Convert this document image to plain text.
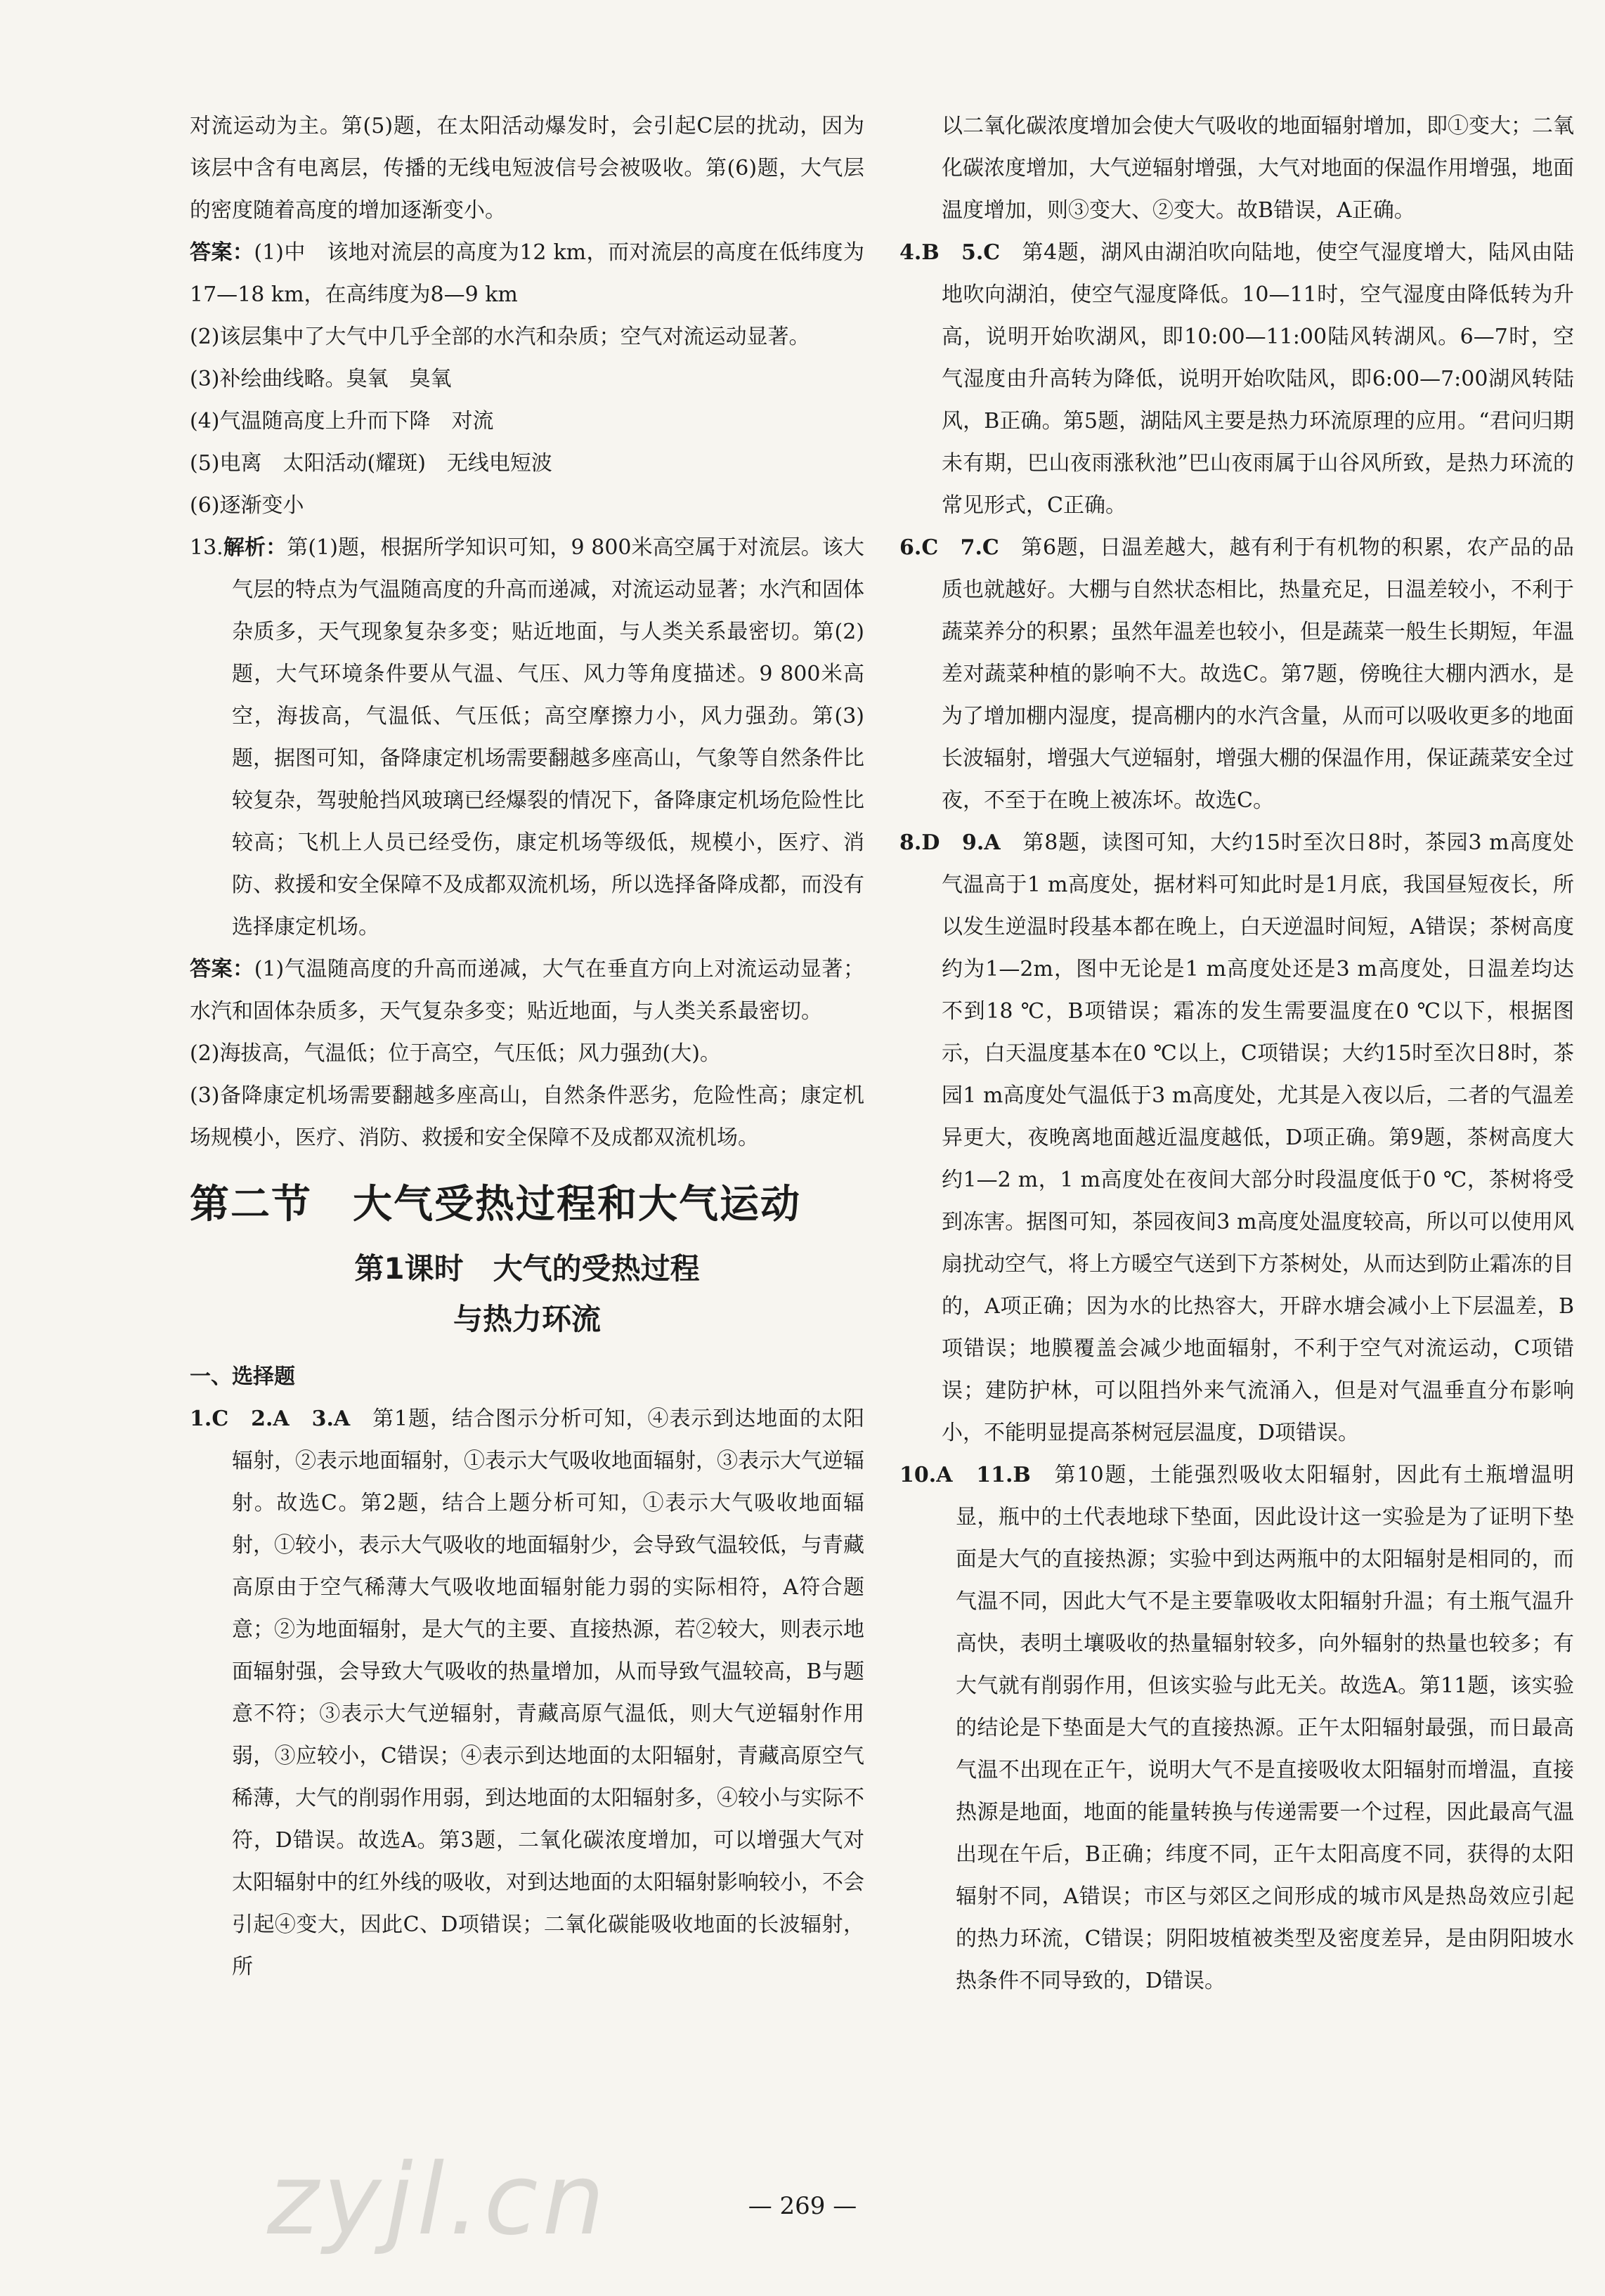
对流运动为主。第(5)题，在太阳活动爆发时，会引起C层的扰动，因为该层中含有电离层，传播的无线电短波信号会被吸收。第(6)题，大气层的密度随着高度的增加逐渐变小。

答案：(1)中　该地对流层的高度为12 km，而对流层的高度在低纬度为17—18 km，在高纬度为8—9 km

(2)该层集中了大气中几乎全部的水汽和杂质；空气对流运动显著。

(3)补绘曲线略。臭氧　臭氧

(4)气温随高度上升而下降　对流

(5)电离　太阳活动(耀斑)　无线电短波

(6)逐渐变小

13.解析：第(1)题，根据所学知识可知，9 800米高空属于对流层。该大气层的特点为气温随高度的升高而递减，对流运动显著；水汽和固体杂质多，天气现象复杂多变；贴近地面，与人类关系最密切。第(2)题，大气环境条件要从气温、气压、风力等角度描述。9 800米高空，海拔高，气温低、气压低；高空摩擦力小，风力强劲。第(3)题，据图可知，备降康定机场需要翻越多座高山，气象等自然条件比较复杂，驾驶舱挡风玻璃已经爆裂的情况下，备降康定机场危险性比较高；飞机上人员已经受伤，康定机场等级低，规模小，医疗、消防、救援和安全保障不及成都双流机场，所以选择备降成都，而没有选择康定机场。

答案：(1)气温随高度的升高而递减，大气在垂直方向上对流运动显著；水汽和固体杂质多，天气复杂多变；贴近地面，与人类关系最密切。

(2)海拔高，气温低；位于高空，气压低；风力强劲(大)。

(3)备降康定机场需要翻越多座高山，自然条件恶劣，危险性高；康定机场规模小，医疗、消防、救援和安全保障不及成都双流机场。

第二节　大气受热过程和大气运动
第1课时　大气的受热过程
与热力环流
一、选择题

1.C　2.A　3.A　 第1题，结合图示分析可知，④表示到达地面的太阳辐射，②表示地面辐射，①表示大气吸收地面辐射，③表示大气逆辐射。故选C。第2题，结合上题分析可知，①表示大气吸收地面辐射，①较小，表示大气吸收的地面辐射少，会导致气温较低，与青藏高原由于空气稀薄大气吸收地面辐射能力弱的实际相符，A符合题意；②为地面辐射，是大气的主要、直接热源，若②较大，则表示地面辐射强，会导致大气吸收的热量增加，从而导致气温较高，B与题意不符；③表示大气逆辐射，青藏高原气温低，则大气逆辐射作用弱，③应较小，C错误；④表示到达地面的太阳辐射，青藏高原空气稀薄，大气的削弱作用弱，到达地面的太阳辐射多，④较小与实际不符，D错误。故选A。第3题，二氧化碳浓度增加，可以增强大气对太阳辐射中的红外线的吸收，对到达地面的太阳辐射影响较小，不会引起④变大，因此C、D项错误；二氧化碳能吸收地面的长波辐射，所

以二氧化碳浓度增加会使大气吸收的地面辐射增加，即①变大；二氧化碳浓度增加，大气逆辐射增强，大气对地面的保温作用增强，地面温度增加，则③变大、②变大。故B错误，A正确。

4.B　5.C　 第4题，湖风由湖泊吹向陆地，使空气湿度增大，陆风由陆地吹向湖泊，使空气湿度降低。10—11时，空气湿度由降低转为升高，说明开始吹湖风，即10:00—11:00陆风转湖风。6—7时，空气湿度由升高转为降低，说明开始吹陆风，即6:00—7:00湖风转陆风，B正确。第5题，湖陆风主要是热力环流原理的应用。“君问归期未有期，巴山夜雨涨秋池”巴山夜雨属于山谷风所致，是热力环流的常见形式，C正确。

6.C　7.C　 第6题，日温差越大，越有利于有机物的积累，农产品的品质也就越好。大棚与自然状态相比，热量充足，日温差较小，不利于蔬菜养分的积累；虽然年温差也较小，但是蔬菜一般生长期短，年温差对蔬菜种植的影响不大。故选C。第7题，傍晚往大棚内洒水，是为了增加棚内湿度，提高棚内的水汽含量，从而可以吸收更多的地面长波辐射，增强大气逆辐射，增强大棚的保温作用，保证蔬菜安全过夜，不至于在晚上被冻坏。故选C。

8.D　9.A　 第8题，读图可知，大约15时至次日8时，茶园3 m高度处气温高于1 m高度处，据材料可知此时是1月底，我国昼短夜长，所以发生逆温时段基本都在晚上，白天逆温时间短，A错误；茶树高度约为1—2m，图中无论是1 m高度处还是3 m高度处，日温差均达不到18 ℃，B项错误；霜冻的发生需要温度在0 ℃以下，根据图示，白天温度基本在0 ℃以上，C项错误；大约15时至次日8时，茶园1 m高度处气温低于3 m高度处，尤其是入夜以后，二者的气温差异更大，夜晚离地面越近温度越低，D项正确。第9题，茶树高度大约1—2 m，1 m高度处在夜间大部分时段温度低于0 ℃，茶树将受到冻害。据图可知，茶园夜间3 m高度处温度较高，所以可以使用风扇扰动空气，将上方暖空气送到下方茶树处，从而达到防止霜冻的目的，A项正确；因为水的比热容大，开辟水塘会减小上下层温差，B项错误；地膜覆盖会减少地面辐射，不利于空气对流运动，C项错误；建防护林，可以阻挡外来气流涌入，但是对气温垂直分布影响小，不能明显提高茶树冠层温度，D项错误。

10.A　11.B　 第10题，土能强烈吸收太阳辐射，因此有土瓶增温明显，瓶中的土代表地球下垫面，因此设计这一实验是为了证明下垫面是大气的直接热源；实验中到达两瓶中的太阳辐射是相同的，而气温不同，因此大气不是主要靠吸收太阳辐射升温；有土瓶气温升高快，表明土壤吸收的热量辐射较多，向外辐射的热量也较多；有大气就有削弱作用，但该实验与此无关。故选A。第11题，该实验的结论是下垫面是大气的直接热源。正午太阳辐射最强，而日最高气温不出现在正午，说明大气不是直接吸收太阳辐射而增温，直接热源是地面，地面的能量转换与传递需要一个过程，因此最高气温出现在午后，B正确；纬度不同，正午太阳高度不同，获得的太阳辐射不同，A错误；市区与郊区之间形成的城市风是热岛效应引起的热力环流，C错误；阴阳坡植被类型及密度差异，是由阴阳坡水热条件不同导致的，D错误。

— 269 —
zyjl.cn
